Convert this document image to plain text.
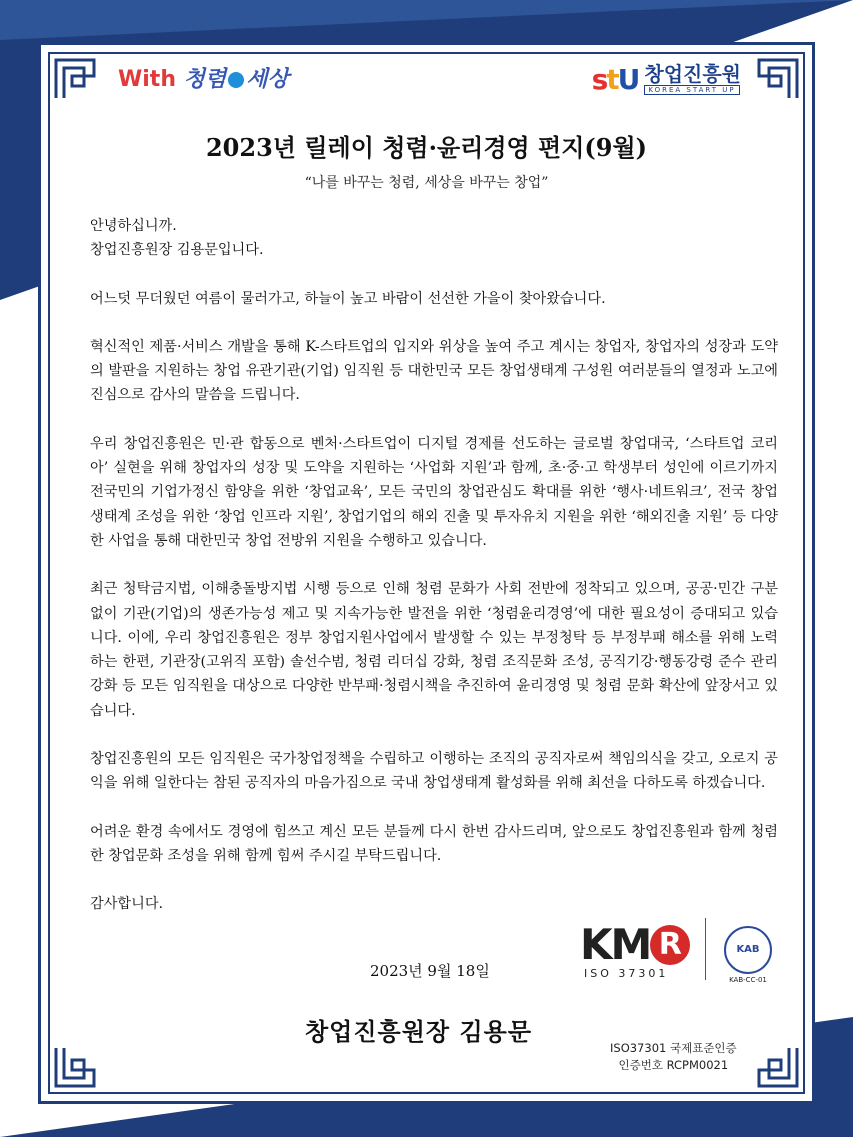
With 청렴 세상	stU 창업진흥원
KOREA START UP
2023년 릴레이 청렴·윤리경영 편지(9월)
“나를 바꾸는 청렴, 세상을 바꾸는 창업”

안녕하십니까.

창업진흥원장 김용문입니다.

어느덧 무더웠던 여름이 물러가고, 하늘이 높고 바람이 선선한 가을이 찾아왔습니다.

혁신적인 제품·서비스 개발을 통해 K-스타트업의 입지와 위상을 높여 주고 계시는 창업자, 창업자의 성장과 도약의 발판을 지원하는 창업 유관기관(기업) 임직원 등 대한민국 모든 창업생태계 구성원 여러분들의 열정과 노고에 진심으로 감사의 말씀을 드립니다.

우리 창업진흥원은 민·관 합동으로 벤처·스타트업이 디지털 경제를 선도하는 글로벌 창업대국, ‘스타트업 코리아’ 실현을 위해 창업자의 성장 및 도약을 지원하는 ‘사업화 지원’과 함께, 초·중·고 학생부터 성인에 이르기까지 전국민의 기업가정신 함양을 위한 ‘창업교육’, 모든 국민의 창업관심도 확대를 위한 ‘행사·네트워크’, 전국 창업생태계 조성을 위한 ‘창업 인프라 지원’, 창업기업의 해외 진출 및 투자유치 지원을 위한 ‘해외진출 지원’ 등 다양한 사업을 통해 대한민국 창업 전방위 지원을 수행하고 있습니다.

최근 청탁금지법, 이해충돌방지법 시행 등으로 인해 청렴 문화가 사회 전반에 정착되고 있으며, 공공·민간 구분 없이 기관(기업)의 생존가능성 제고 및 지속가능한 발전을 위한 ‘청렴윤리경영’에 대한 필요성이 증대되고 있습니다. 이에, 우리 창업진흥원은 정부 창업지원사업에서 발생할 수 있는 부정청탁 등 부정부패 해소를 위해 노력하는 한편, 기관장(고위직 포함) 솔선수범, 청렴 리더십 강화, 청렴 조직문화 조성, 공직기강·행동강령 준수 관리 강화 등 모든 임직원을 대상으로 다양한 반부패·청렴시책을 추진하여 윤리경영 및 청렴 문화 확산에 앞장서고 있습니다.

창업진흥원의 모든 임직원은 국가창업정책을 수립하고 이행하는 조직의 공직자로써 책임의식을 갖고, 오로지 공익을 위해 일한다는 참된 공직자의 마음가짐으로 국내 창업생태계 활성화를 위해 최선을 다하도록 하겠습니다.

어려운 환경 속에서도 경영에 힘쓰고 계신 모든 분들께 다시 한번 감사드리며, 앞으로도 창업진흥원과 함께 청렴한 창업문화 조성을 위해 함께 힘써 주시길 부탁드립니다.

감사합니다.

2023년 9월 18일
창업진흥원장 김용문
KM R
ISO 37301
KAB
KAB-CC-01
ISO37301 국제표준인증
인증번호 RCPM0021
